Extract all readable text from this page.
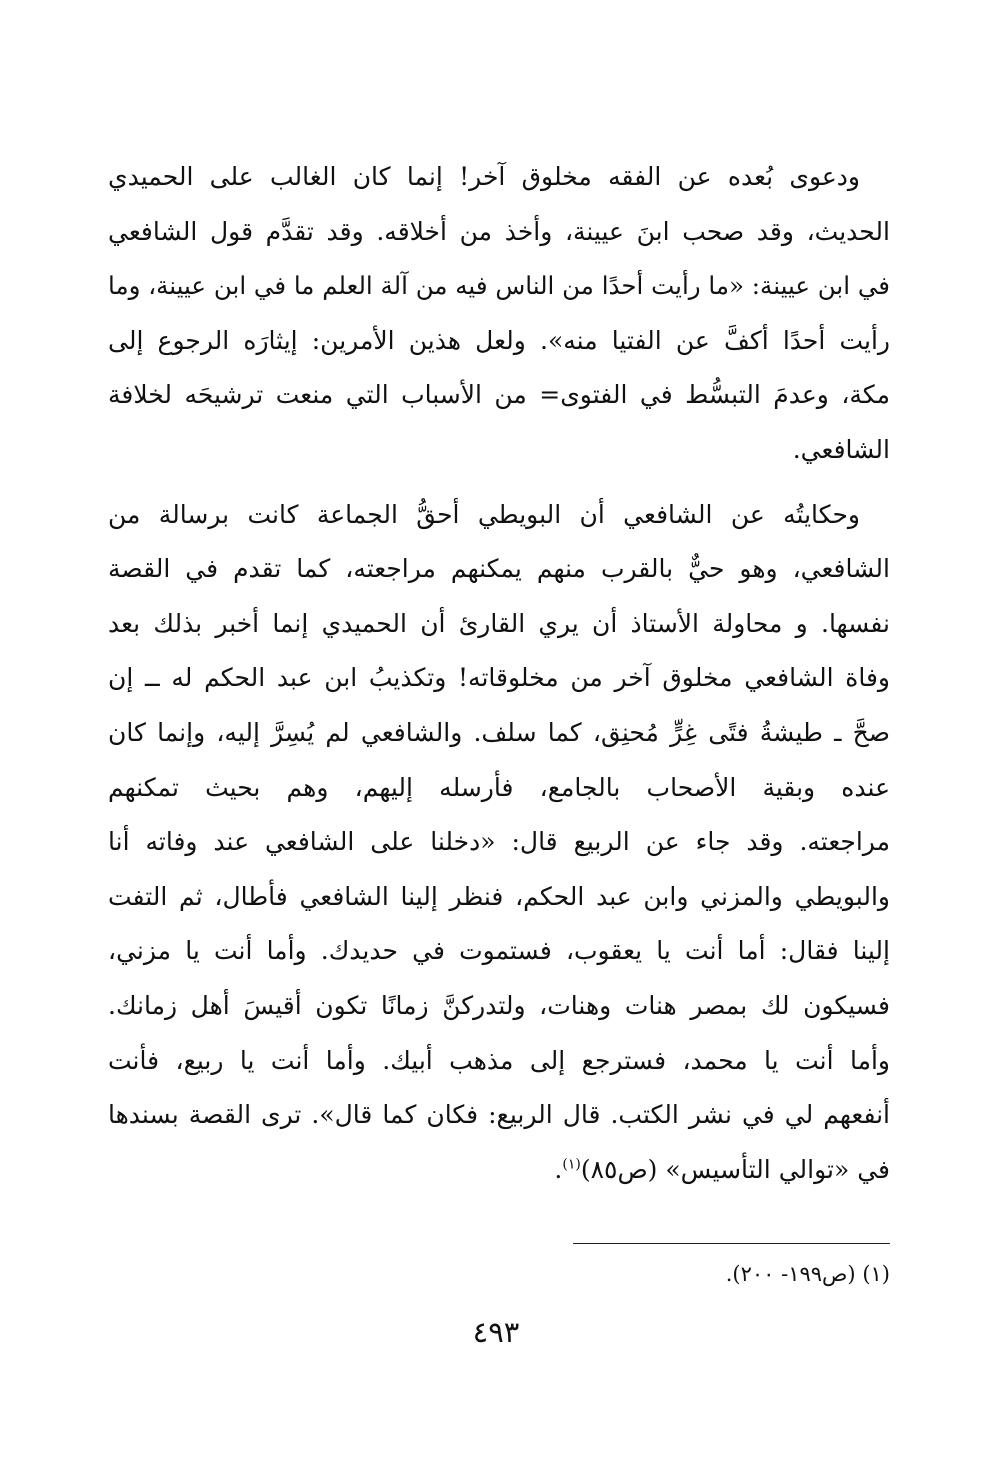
ودعوى بُعده عن الفقه مخلوق آخر! إنما كان الغالب على الحميدي
الحديث، وقد صحب ابنَ عيينة، وأخذ من أخلاقه. وقد تقدَّم قول الشافعي
في ابن عيينة: «ما رأيت أحدًا من الناس فيه من آلة العلم ما في ابن عيينة، وما
رأيت أحدًا أكفَّ عن الفتيا منه». ولعل هذين الأمرين: إيثارَه الرجوع إلى
مكة، وعدمَ التبسُّط في الفتوى= من الأسباب التي منعت ترشيحَه لخلافة
الشافعي.

وحكايتُه عن الشافعي أن البويطي أحقُّ الجماعة كانت برسالة من
الشافعي، وهو حيٌّ بالقرب منهم يمكنهم مراجعته، كما تقدم في القصة
نفسها. و محاولة الأستاذ أن يري القارئ أن الحميدي إنما أخبر بذلك بعد
وفاة الشافعي مخلوق آخر من مخلوقاته! وتكذيبُ ابن عبد الحكم له ــ إن
صحَّ ـ طيشةُ فتًى غِرٍّ مُحنِق، كما سلف. والشافعي لم يُسِرَّ إليه، وإنما كان
عنده وبقية الأصحاب بالجامع، فأرسله إليهم، وهم بحيث تمكنهم
مراجعته. وقد جاء عن الربيع قال: «دخلنا على الشافعي عند وفاته أنا
والبويطي والمزني وابن عبد الحكم، فنظر إلينا الشافعي فأطال، ثم التفت
إلينا فقال: أما أنت يا يعقوب، فستموت في حديدك. وأما أنت يا مزني،
فسيكون لك بمصر هنات وهنات، ولتدركنَّ زمانًا تكون أقيسَ أهل زمانك.
وأما أنت يا محمد، فسترجع إلى مذهب أبيك. وأما أنت يا ربيع، فأنت
أنفعهم لي في نشر الكتب. قال الربيع: فكان كما قال». ترى القصة بسندها
في «توالي التأسيس» (ص٨٥)$^{(١)}$.

(١) (ص١٩٩- ٢٠٠).
٤٩٣
